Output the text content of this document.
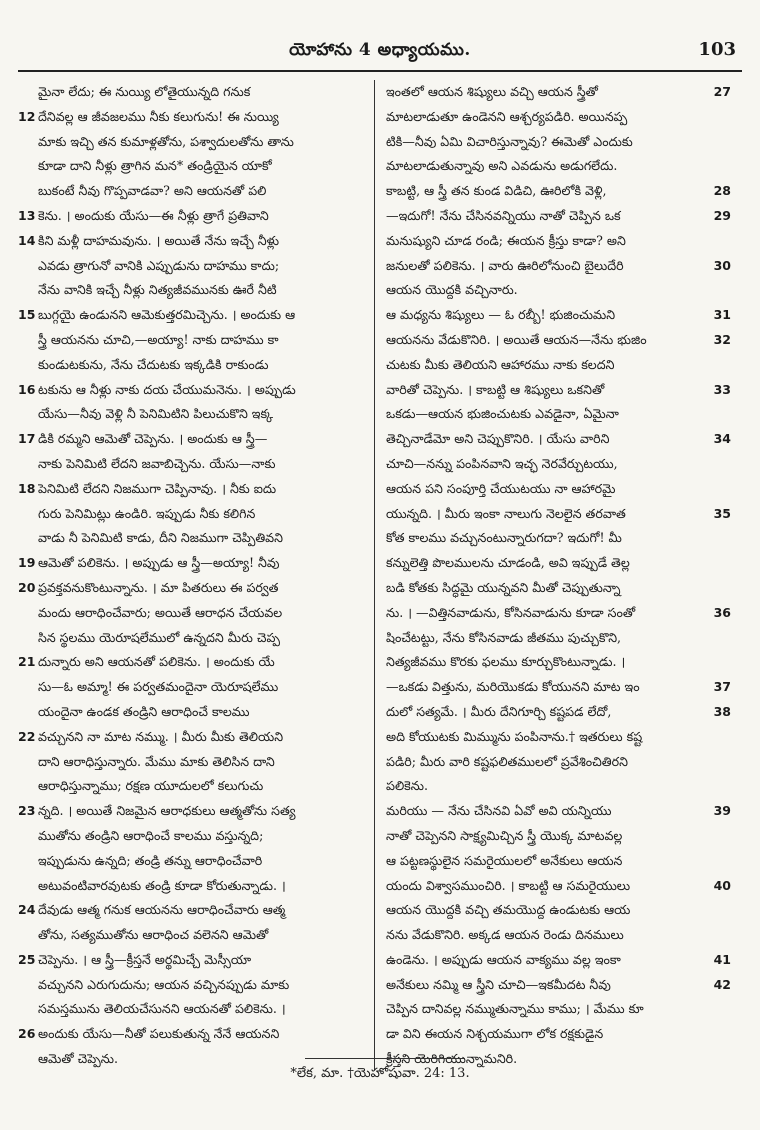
యోహాను 4 అధ్యాయము.	103
మైనా లేదు; ఈ నుయ్యి లోతైయున్నది గనుక
12 దేనివల్ల ఆ జీవజలము నీకు కలుగును! ఈ నుయ్యి
మాకు ఇచ్చి తన కుమాళ్లతోను, పశ్వాదులతోను తాను
కూడా దాని నీళ్లు త్రాగిన మన* తండ్రియైన యాకో
బుకంటే నీవు గొప్పవాడవా? అని ఆయనతో పలి
13 కెను. । అందుకు యేసు—ఈ నీళ్లు త్రాగే ప్రతివాని
14 కిని మళ్లీ దాహమవును. । అయితే నేను ఇచ్చే నీళ్లు
ఎవడు త్రాగునో వానికి ఎప్పుడును దాహము కాదు;
నేను వానికి ఇచ్చే నీళ్లు నిత్యజీవమునకు ఊరే నీటి
15 బుగ్గయై ఉండునని ఆమెకుత్తరమిచ్చెను. । అందుకు ఆ
స్త్రీ ఆయనను చూచి,—అయ్యా! నాకు దాహము కా
కుండుటకును, నేను చేదుటకు ఇక్కడికి రాకుండు
16 టకును ఆ నీళ్లు నాకు దయ చేయుమనెను. । అప్పుడు
యేసు—నీవు వెళ్లి నీ పెనిమిటిని పిలుచుకొని ఇక్క
17 డికి రమ్మని ఆమెతో చెప్పెను. । అందుకు ఆ స్త్రీ—
నాకు పెనిమిటి లేదని జవాబిచ్చెను. యేసు—నాకు
18 పెనిమిటి లేదని నిజముగా చెప్పినావు. । నీకు ఐదు
గురు పెనిమిట్లు ఉండిరి. ఇప్పుడు నీకు కలిగిన
వాడు నీ పెనిమిటి కాడు, దీని నిజముగా చెప్పితివని
19 ఆమెతో పలికెను. । అప్పుడు ఆ స్త్రీ—అయ్యా! నీవు
20 ప్రవక్తవనుకొంటున్నాను. । మా పితరులు ఈ పర్వత
మందు ఆరాధించేవారు; అయితే ఆరాధన చేయవల
సిన స్థలము యెరూషలేములో ఉన్నదని మీరు చెప్ప
21 దున్నారు అని ఆయనతో పలికెను. । అందుకు యే
సు—ఓ అమ్మా! ఈ పర్వతమందైనా యెరూషలేము
యందైనా ఉండక తండ్రిని ఆరాధించే కాలము
22 వచ్చునని నా మాట నమ్ము. । మీరు మీకు తెలియని
దాని ఆరాధిస్తున్నారు. మేము మాకు తెలిసిన దాని
ఆరాధిస్తున్నాము; రక్షణ యూదులలో కలుగుచు
23 న్నది. । అయితే నిజమైన ఆరాధకులు ఆత్మతోను సత్య
ముతోను తండ్రిని ఆరాధించే కాలము వస్తున్నది;
ఇప్పుడును ఉన్నది; తండ్రి తన్ను ఆరాధించేవారి
అటువంటివారవుటకు తండ్రి కూడా కోరుతున్నాడు. ।
24 దేవుడు ఆత్మ గనుక ఆయనను ఆరాధించేవారు ఆత్మ
తోను, సత్యముతోను ఆరాధించ వలెనని ఆమెతో
25 చెప్పెను. । ఆ స్త్రీ—క్రీస్తనే అర్థమిచ్చే మెస్సీయా
వచ్చునని ఎరుగుదును; ఆయన వచ్చినప్పుడు మాకు
సమస్తమును తెలియచేసునని ఆయనతో పలికెను. ।
26 అందుకు యేసు—నీతో పలుకుతున్న నేనే ఆయనని
ఆమెతో చెప్పెను.
ఇంతలో ఆయన శిష్యులు వచ్చి ఆయన స్త్రీతో	27
మాటలాడుతూ ఉండెనని ఆశ్చర్యపడిరి. అయినప్ప
టికి—నీవు ఏమి విచారిస్తున్నావు? ఈమెతో ఎందుకు
మాటలాడుతున్నావు అని ఎవడును అడుగలేదు.
కాబట్టి, ఆ స్త్రీ తన కుండ విడిచి, ఊరిలోకి వెళ్లి,	28
—ఇదుగో! నేను చేసినవన్నియు నాతో చెప్పిన ఒక	29
మనుష్యుని చూడ రండి; ఈయన క్రీస్తు కాడా? అని
జనులతో పలికెను. । వారు ఊరిలోనుంచి బైలుదేరి	30
ఆయన యొద్దకి వచ్చినారు.
ఆ మధ్యను శిష్యులు — ఓ రబ్బీ! భుజించుమని	31
ఆయనను వేడుకొనిరి. । అయితే ఆయన—నేను భుజిం	32
చుటకు మీకు తెలియని ఆహారము నాకు కలదని
వారితో చెప్పెను. । కాబట్టి ఆ శిష్యులు ఒకనితో	33
ఒకడు—ఆయన భుజించుటకు ఎవడైనా, ఏమైనా
తెచ్చినాడేమో అని చెప్పుకొనిరి. । యేసు వారిని	34
చూచి—నన్ను పంపినవాని ఇచ్ఛ నెరవేర్చుటయు,
ఆయన పని సంపూర్తి చేయుటయు నా ఆహారమై
యున్నది. । మీరు ఇంకా నాలుగు నెలలైన తరవాత	35
కోత కాలము వచ్చునంటున్నారుగదా? ఇదుగో! మీ
కన్నులెత్తి పొలములను చూడండి, అవి ఇప్పుడే తెల్ల
బడి కోతకు సిద్ధమై యున్నవని మీతో చెప్పుతున్నా
ను. । —విత్తినవాడును, కోసినవాడును కూడా సంతో	36
షించేటట్టు, నేను కోసినవాడు జీతము పుచ్చుకొని,
నిత్యజీవము కొరకు ఫలము కూర్చుకొంటున్నాడు. ।
—ఒకడు విత్తును, మరియొకడు కోయునని మాట ఇం	37
దులో సత్యమే. । మీరు దేనిగూర్చి కష్టపడ లేదో,	38
అది కోయుటకు మిమ్మును పంపినాను.† ఇతరులు కష్ట
పడిరి; మీరు వారి కష్టఫలితములలో ప్రవేశించితిరని
పలికెను.
మరియు — నేను చేసినవి ఏవో అవి యన్నియు	39
నాతో చెప్పెనని సాక్ష్యమిచ్చిన స్త్రీ యొక్క మాటవల్ల
ఆ పట్టణస్థులైన సమరైయులలో అనేకులు ఆయన
యందు విశ్వాసముంచిరి. । కాబట్టి ఆ సమరైయులు	40
ఆయన యొద్దకి వచ్చి తమయొద్ద ఉండుటకు ఆయ
నను వేడుకొనిరి. అక్కడ ఆయన రెండు దినములు
ఉండెను. । అప్పుడు ఆయన వాక్యము వల్ల ఇంకా	41
అనేకులు నమ్మి ఆ స్త్రీని చూచి—ఇకమీదట నీవు	42
చెప్పిన దానివల్ల నమ్ముతున్నాము కాము; । మేము కూ
డా విని ఈయన నిశ్చయముగా లోక రక్షకుడైన
క్రీస్తని యెరిగియున్నామనిరి.
*లేక, మా. †యెహోషువా. 24: 13.
